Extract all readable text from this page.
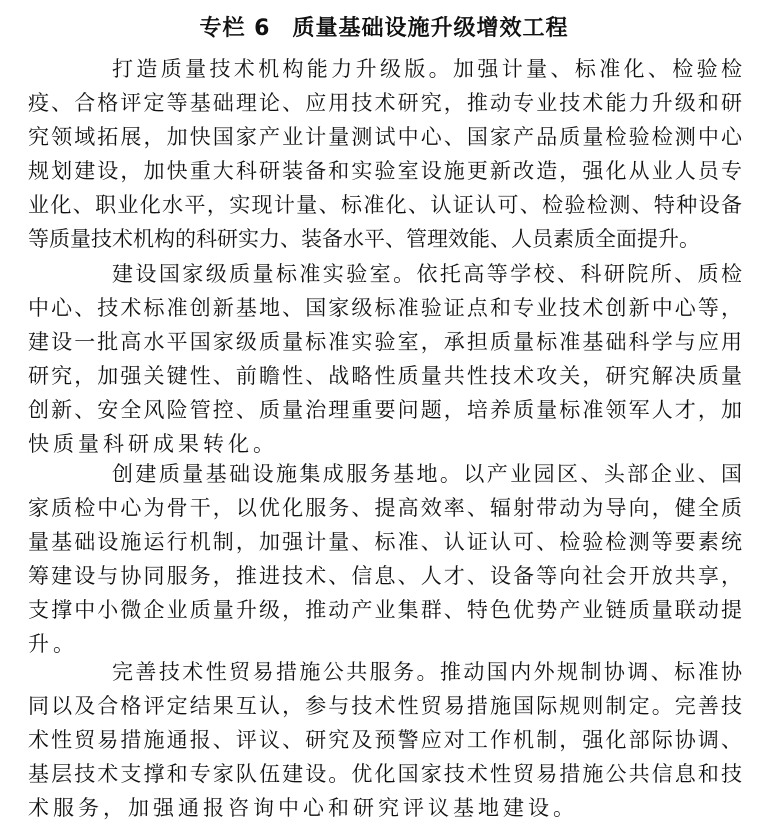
专栏 6 质量基础设施升级增效工程
打造质量技术机构能力升级版。加强计量、标准化、检验检
疫、合格评定等基础理论、应用技术研究，推动专业技术能力升级和研
究领域拓展，加快国家产业计量测试中心、国家产品质量检验检测中心
规划建设，加快重大科研装备和实验室设施更新改造，强化从业人员专
业化、职业化水平，实现计量、标准化、认证认可、检验检测、特种设备
等质量技术机构的科研实力、装备水平、管理效能、人员素质全面提升。
建设国家级质量标准实验室。依托高等学校、科研院所、质检
中心、技术标准创新基地、国家级标准验证点和专业技术创新中心等，
建设一批高水平国家级质量标准实验室，承担质量标准基础科学与应用
研究，加强关键性、前瞻性、战略性质量共性技术攻关，研究解决质量
创新、安全风险管控、质量治理重要问题，培养质量标准领军人才，加
快质量科研成果转化。
创建质量基础设施集成服务基地。以产业园区、头部企业、国
家质检中心为骨干，以优化服务、提高效率、辐射带动为导向，健全质
量基础设施运行机制，加强计量、标准、认证认可、检验检测等要素统
筹建设与协同服务，推进技术、信息、人才、设备等向社会开放共享，
支撑中小微企业质量升级，推动产业集群、特色优势产业链质量联动提
升。
完善技术性贸易措施公共服务。推动国内外规制协调、标准协
同以及合格评定结果互认，参与技术性贸易措施国际规则制定。完善技
术性贸易措施通报、评议、研究及预警应对工作机制，强化部际协调、
基层技术支撑和专家队伍建设。优化国家技术性贸易措施公共信息和技
术服务，加强通报咨询中心和研究评议基地建设。
